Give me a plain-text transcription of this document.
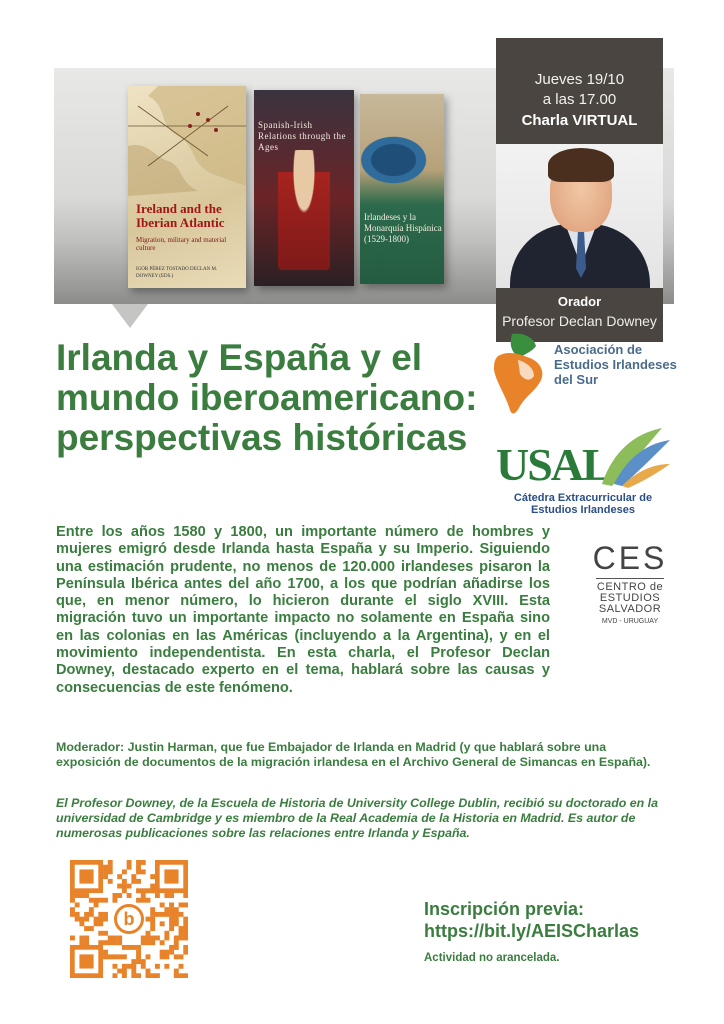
Ireland and the Iberian Atlantic
Migration, military and material culture
IGOR PÉREZ TOSTADO DECLAN M. DOWNEY (EDS.)
Spanish-Irish Relations through the Ages
Irlandeses y la Monarquía Hispánica (1529-1800)
Jueves 19/10
a las 17.00
Charla VIRTUAL
Orador
Profesor Declan Downey
Irlanda y España y el mundo iberoamericano: perspectivas históricas
Asociación de Estudios Irlandeses del Sur
USAL
Cátedra Extracurricular de Estudios Irlandeses
CES
CENTRO de
ESTUDIOS
SALVADOR
MVD - URUGUAY

Entre los años 1580 y 1800, un importante número de hombres y mujeres emigró desde Irlanda hasta España y su Imperio. Siguiendo una estimación prudente, no menos de 120.000 irlandeses pisaron la Península Ibérica antes del año 1700, a los que podrían añadirse los que, en menor número, lo hicieron durante el siglo XVIII. Esta migración tuvo un importante impacto no solamente en España sino en las colonias en las Américas (incluyendo a la Argentina), y en el movimiento independentista. En esta charla, el Profesor Declan Downey, destacado experto en el tema, hablará sobre las causas y consecuencias de este fenómeno.

Moderador: Justin Harman, que fue Embajador de Irlanda en Madrid (y que hablará sobre una exposición de documentos de la migración irlandesa en el Archivo General de Simancas en España).

El Profesor Downey, de la Escuela de Historia de University College Dublin, recibió su doctorado en la universidad de Cambridge y es miembro de la Real Academia de la Historia en Madrid. Es autor de numerosas publicaciones sobre las relaciones entre Irlanda y España.

b	Inscripción previa:
https://bit.ly/AEISCharlas
Actividad no arancelada.
